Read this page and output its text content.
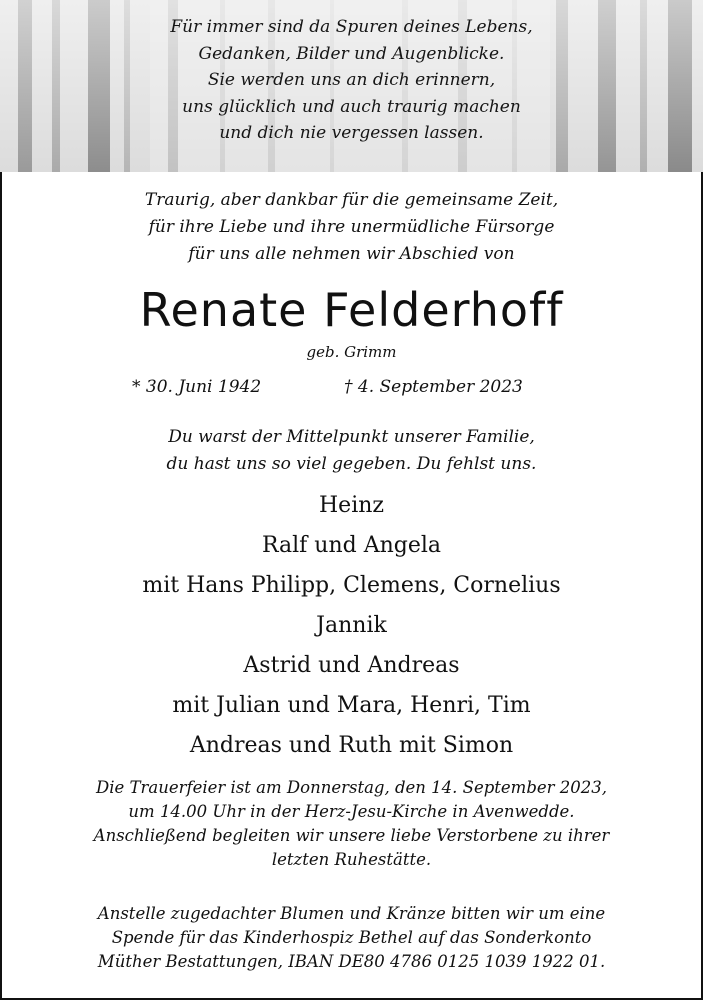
Für immer sind da Spuren deines Lebens,
Gedanken, Bilder und Augenblicke.
Sie werden uns an dich erinnern,
uns glücklich und auch traurig machen
und dich nie vergessen lassen.
Traurig, aber dankbar für die gemeinsame Zeit,
für ihre Liebe und ihre unermüdliche Fürsorge
für uns alle nehmen wir Abschied von
Renate Felderhoff
geb. Grimm
* 30. Juni 1942	† 4. September 2023
Du warst der Mittelpunkt unserer Familie,
du hast uns so viel gegeben. Du fehlst uns.
Heinz
Ralf und Angela
mit Hans Philipp, Clemens, Cornelius
Jannik
Astrid und Andreas
mit Julian und Mara, Henri, Tim
Andreas und Ruth mit Simon
Die Trauerfeier ist am Donnerstag, den 14. September 2023,
um 14.00 Uhr in der Herz-Jesu-Kirche in Avenwedde.
Anschließend begleiten wir unsere liebe Verstorbene zu ihrer
letzten Ruhestätte.
Anstelle zugedachter Blumen und Kränze bitten wir um eine
Spende für das Kinderhospiz Bethel auf das Sonderkonto
Müther Bestattungen, IBAN DE80 4786 0125 1039 1922 01.
